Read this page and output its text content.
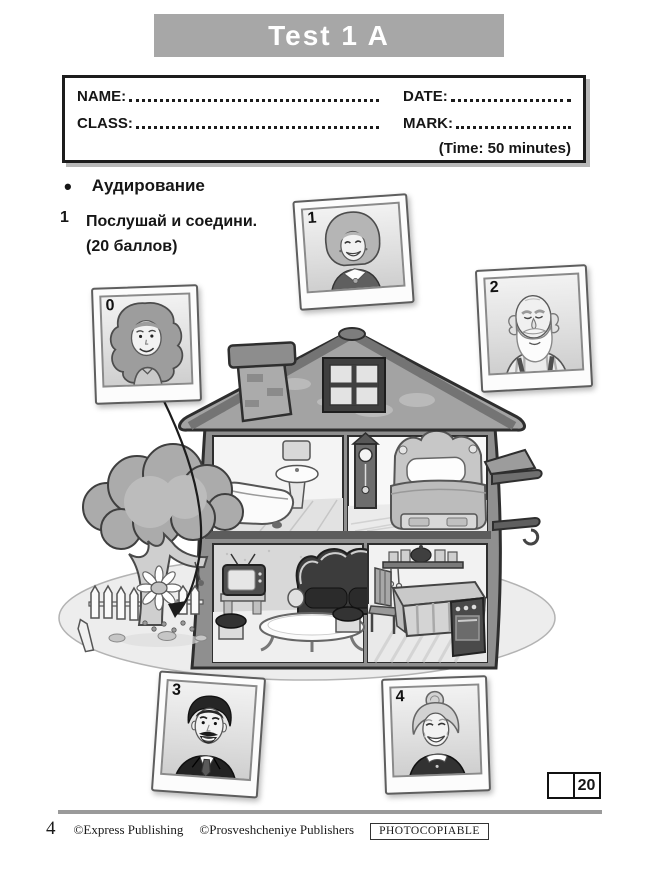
Test 1 A
NAME:	DATE:
CLASS:	MARK:
(Time: 50 minutes)
• Аудирование
1	Послушай и соедини.
(20 баллов)
0
1
2
3	4
20
4 ©Express Publishing ©Prosveshcheniye Publishers	PHOTOCOPIABLE
